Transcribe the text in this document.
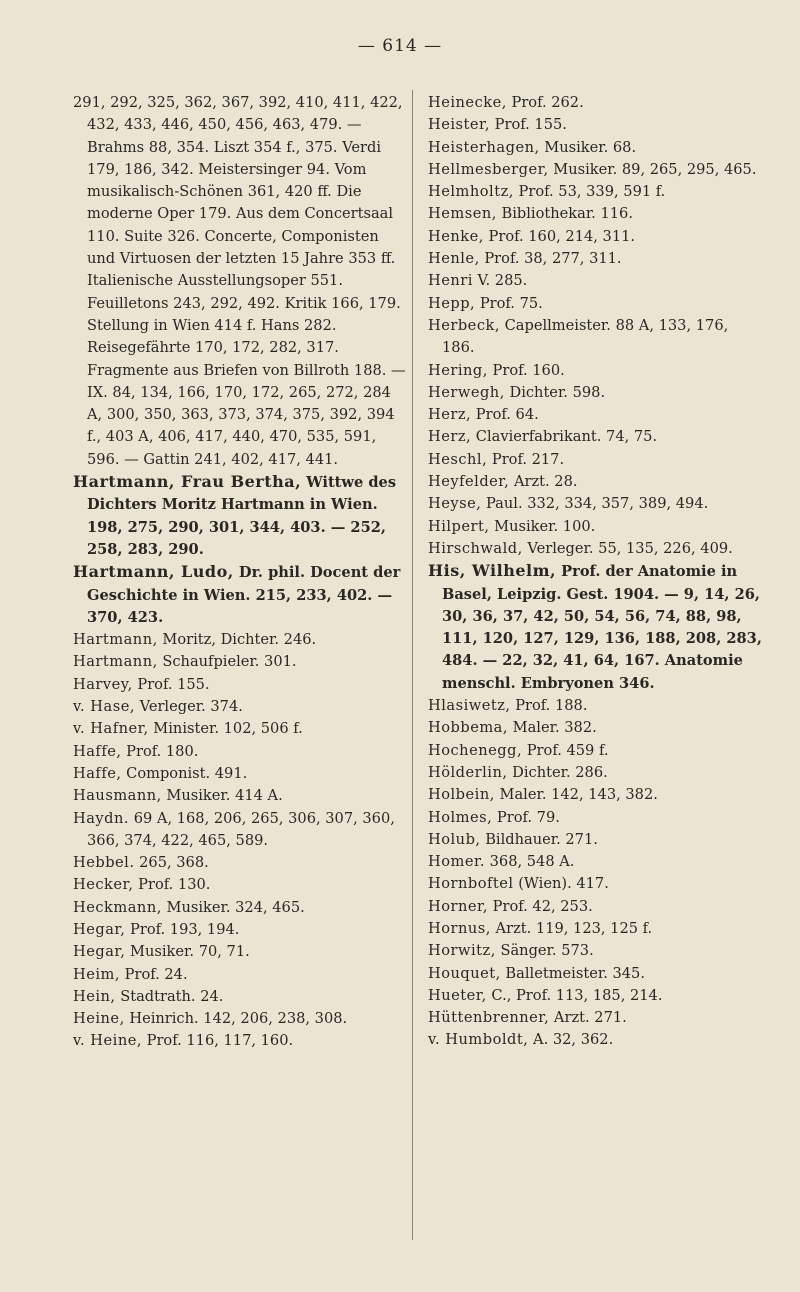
— 614 —

291, 292, 325, 362, 367, 392, 410, 411, 422, 432, 433, 446, 450, 456, 463, 479. — Brahms 88, 354. Liszt 354 f., 375. Verdi 179, 186, 342. Meistersinger 94. Vom musikalisch-Schönen 361, 420 ff. Die moderne Oper 179. Aus dem Concertsaal 110. Suite 326. Concerte, Componisten und Virtuosen der letzten 15 Jahre 353 ff. Italienische Ausstellungsoper 551. Feuilletons 243, 292, 492. Kritik 166, 179. Stellung in Wien 414 f. Hans 282. Reisegefährte 170, 172, 282, 317. Fragmente aus Briefen von Billroth 188. — IX. 84, 134, 166, 170, 172, 265, 272, 284 A, 300, 350, 363, 373, 374, 375, 392, 394 f., 403 A, 406, 417, 440, 470, 535, 591, 596. — Gattin 241, 402, 417, 441.

Hartmann, Frau Bertha, Wittwe des Dichters Moritz Hartmann in Wien. 198, 275, 290, 301, 344, 403. — 252, 258, 283, 290.

Hartmann, Ludo, Dr. phil. Docent der Geschichte in Wien. 215, 233, 402. — 370, 423.

Hartmann, Moritz, Dichter. 246.

Hartmann, Schaufpieler. 301.

Harvey, Prof. 155.

v. Hase, Verleger. 374.

v. Hafner, Minister. 102, 506 f.

Haffe, Prof. 180.

Haffe, Componist. 491.

Hausmann, Musiker. 414 A.

Haydn. 69 A, 168, 206, 265, 306, 307, 360, 366, 374, 422, 465, 589.

Hebbel. 265, 368.

Hecker, Prof. 130.

Heckmann, Musiker. 324, 465.

Hegar, Prof. 193, 194.

Hegar, Musiker. 70, 71.

Heim, Prof. 24.

Hein, Stadtrath. 24.

Heine, Heinrich. 142, 206, 238, 308.

v. Heine, Prof. 116, 117, 160.

Heinecke, Prof. 262.

Heister, Prof. 155.

Heisterhagen, Musiker. 68.

Hellmesberger, Musiker. 89, 265, 295, 465.

Helmholtz, Prof. 53, 339, 591 f.

Hemsen, Bibliothekar. 116.

Henke, Prof. 160, 214, 311.

Henle, Prof. 38, 277, 311.

Henri V. 285.

Hepp, Prof. 75.

Herbeck, Capellmeister. 88 A, 133, 176, 186.

Hering, Prof. 160.

Herwegh, Dichter. 598.

Herz, Prof. 64.

Herz, Clavierfabrikant. 74, 75.

Heschl, Prof. 217.

Heyfelder, Arzt. 28.

Heyse, Paul. 332, 334, 357, 389, 494.

Hilpert, Musiker. 100.

Hirschwald, Verleger. 55, 135, 226, 409.

His, Wilhelm, Prof. der Anatomie in Basel, Leipzig. Gest. 1904. — 9, 14, 26, 30, 36, 37, 42, 50, 54, 56, 74, 88, 98, 111, 120, 127, 129, 136, 188, 208, 283, 484. — 22, 32, 41, 64, 167. Anatomie menschl. Embryonen 346.

Hlasiwetz, Prof. 188.

Hobbema, Maler. 382.

Hochenegg, Prof. 459 f.

Hölderlin, Dichter. 286.

Holbein, Maler. 142, 143, 382.

Holmes, Prof. 79.

Holub, Bildhauer. 271.

Homer. 368, 548 A.

Hornboftel (Wien). 417.

Horner, Prof. 42, 253.

Hornus, Arzt. 119, 123, 125 f.

Horwitz, Sänger. 573.

Houquet, Balletmeister. 345.

Hueter, C., Prof. 113, 185, 214.

Hüttenbrenner, Arzt. 271.

v. Humboldt, A. 32, 362.
